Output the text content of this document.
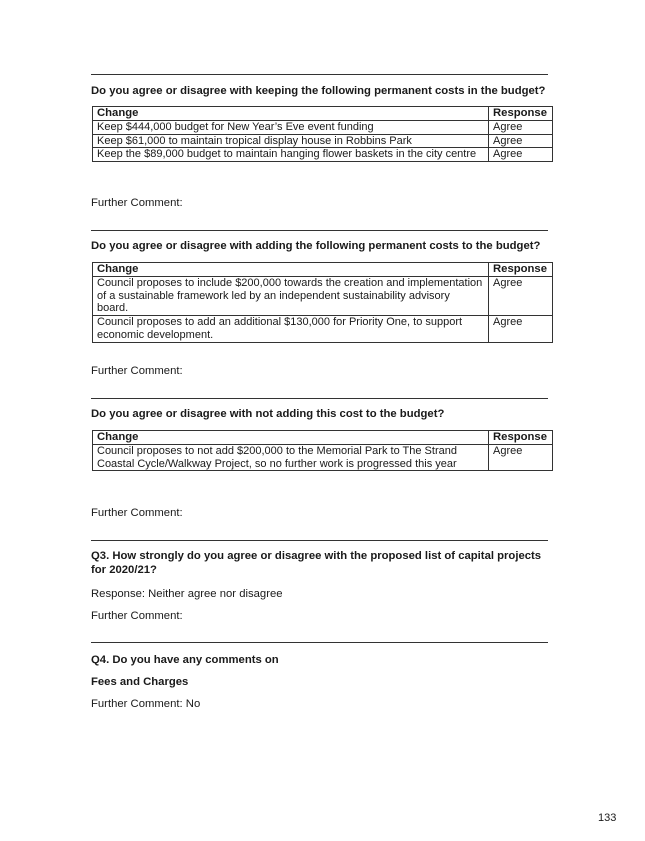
Do you agree or disagree with keeping the following permanent costs in the budget?
Change	Response
Keep $444,000 budget for New Year’s Eve event funding	Agree
Keep $61,000 to maintain tropical display house in Robbins Park	Agree
Keep the $89,000 budget to maintain hanging flower baskets in the city centre	Agree
Further Comment:
Do you agree or disagree with adding the following permanent costs to the budget?
Change	Response
Council proposes to include $200,000 towards the creation and implementation of a sustainable framework led by an independent sustainability advisory board.	Agree
Council proposes to add an additional $130,000 for Priority One, to support economic development.	Agree
Further Comment:
Do you agree or disagree with not adding this cost to the budget?
Change	Response
Council proposes to not add $200,000 to the Memorial Park to The Strand Coastal Cycle/Walkway Project, so no further work is progressed this year	Agree
Further Comment:
Q3. How strongly do you agree or disagree with the proposed list of capital projects for 2020/21?
Response: Neither agree nor disagree
Further Comment:
Q4. Do you have any comments on
Fees and Charges
Further Comment: No
133
